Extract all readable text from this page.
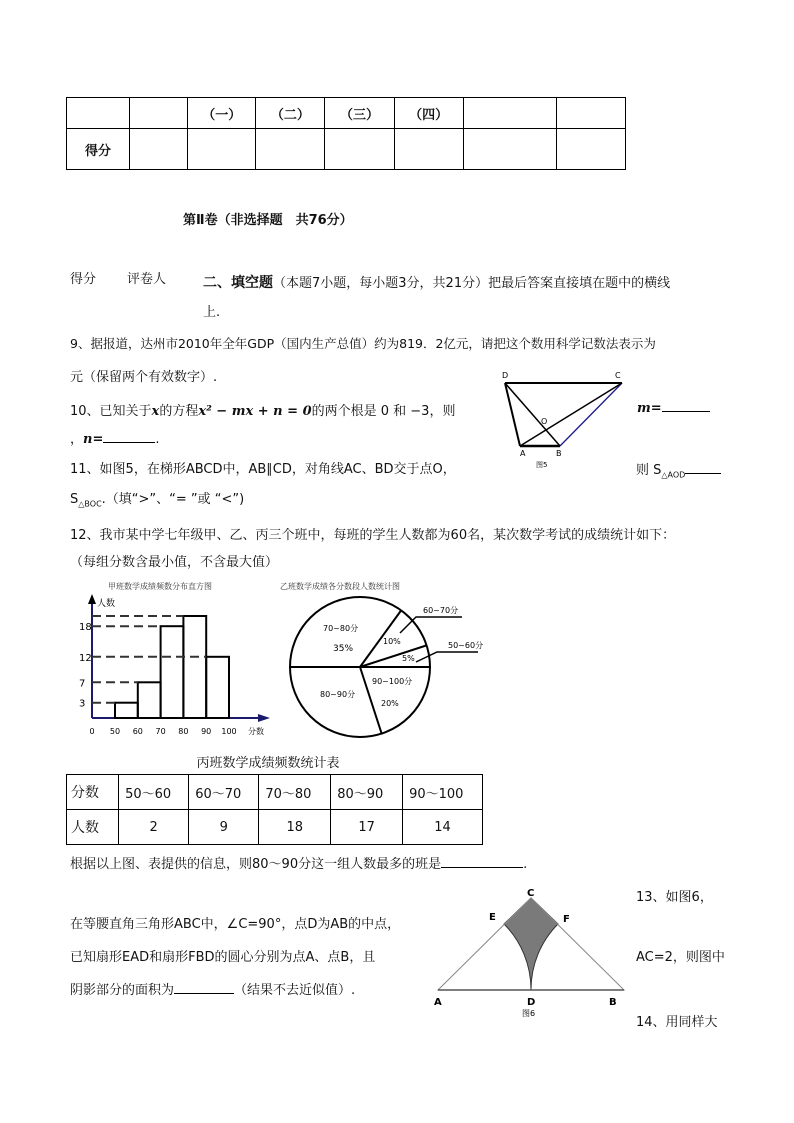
		（一）	（二）	（三）	（四）		
得分							
第Ⅱ卷（非选择题　共76分）
得分 评卷人	二、填空题（本题7小题，每小题3分，共21分）把最后答案直接填在题中的横线
上.
9、据报道，达州市2010年全年GDP（国内生产总值）约为819．2亿元，请把这个数用科学记数法表示为
元（保留两个有效数字）.
10、已知关于x的方程x² − mx + n = 0的两个根是 0 和 −3，则	m=
，n=	.
11、如图5，在梯形ABCD中，AB∥CD，对角线AC、BD交于点O，	则 $S_{\triangle AOD}$
$S_{\triangle BOC}$.（填“>”、“= ”或 “<”)
D	C
O
A	B
图5
12、我市某中学七年级甲、乙、丙三个班中，每班的学生人数都为60名，某次数学考试的成绩统计如下：
（每组分数含最小值，不含最大值）
甲班数学成绩频数分布直方图
人数
分数
3
7
12
18
0 50 60 70 80 90 100
乙班数学成绩各分数段人数统计图
5%
10%
70~80分
35%
80~90分
90~100分
20%
60~70分
50~60分
丙班数学成绩频数统计表
分数	50～60	60～70	70～80	80～90	90～100
人数	2	9	18	17	14
根据以上图、表提供的信息，则80～90分这一组人数最多的班是	.
13、如图6，
在等腰直角三角形ABC中，∠C=90°，点D为AB的中点，
已知扇形EAD和扇形FBD的圆心分别为点A、点B，且	AC=2，则图中
阴影部分的面积为	（结果不去近似值）.
14、用同样大
C
E	F
A	D	B
图6
